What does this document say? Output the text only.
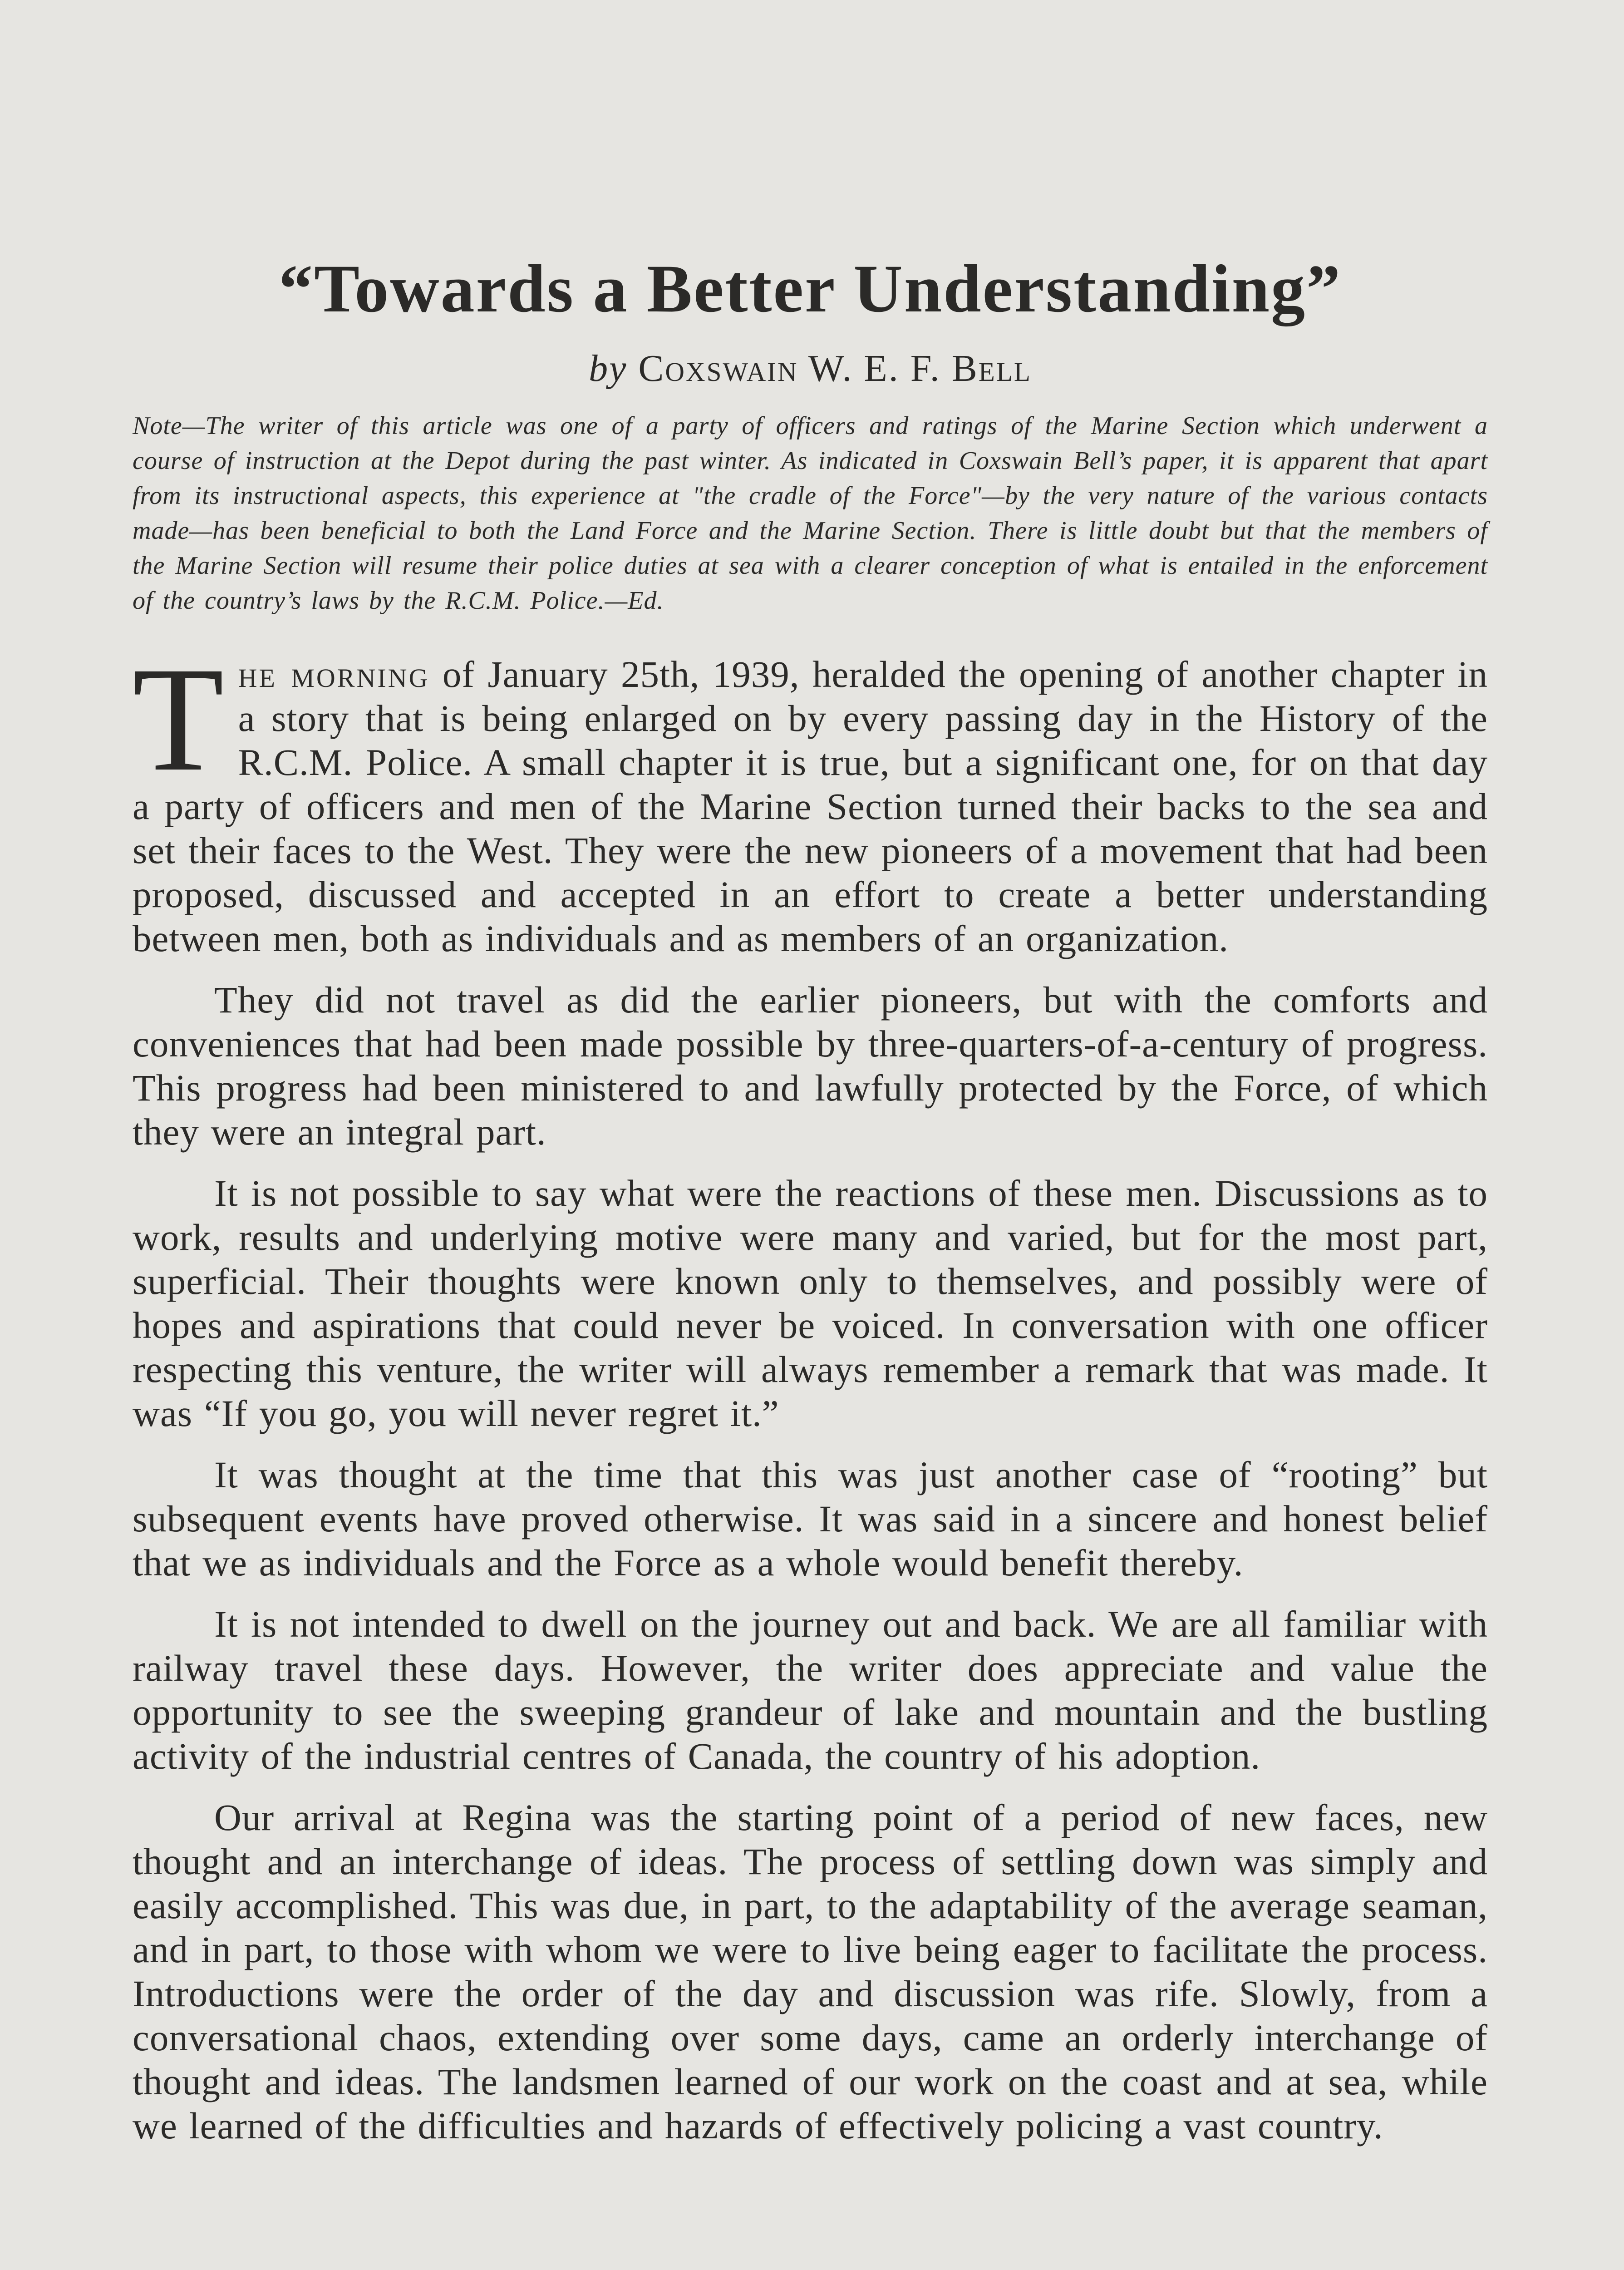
“Towards a Better Understanding”
by Coxswain W. E. F. Bell
Note—The writer of this article was one of a party of officers and ratings of the Marine Section which underwent a course of instruction at the Depot during the past winter. As indicated in Coxswain Bell’s paper, it is apparent that apart from its instructional aspects, this experience at "the cradle of the Force"—by the very nature of the various contacts made—has been beneficial to both the Land Force and the Marine Section. There is little doubt but that the members of the Marine Section will resume their police duties at sea with a clearer conception of what is entailed in the enforcement of the country’s laws by the R.C.M. Police.—Ed.

The morning of January 25th, 1939, heralded the opening of another chapter in a story that is being enlarged on by every passing day in the History of the R.C.M. Police. A small chapter it is true, but a significant one, for on that day a party of officers and men of the Marine Section turned their backs to the sea and set their faces to the West. They were the new pioneers of a movement that had been proposed, discussed and accepted in an effort to create a better understanding between men, both as individuals and as members of an organization.

They did not travel as did the earlier pioneers, but with the comforts and conveniences that had been made possible by three-quarters-of-a-century of progress. This progress had been ministered to and lawfully protected by the Force, of which they were an integral part.

It is not possible to say what were the reactions of these men. Discussions as to work, results and underlying motive were many and varied, but for the most part, superficial. Their thoughts were known only to themselves, and possibly were of hopes and aspirations that could never be voiced. In conversation with one officer respecting this venture, the writer will always remember a remark that was made. It was “If you go, you will never regret it.”

It was thought at the time that this was just another case of “rooting” but subsequent events have proved otherwise. It was said in a sincere and honest belief that we as individuals and the Force as a whole would benefit thereby.

It is not intended to dwell on the journey out and back. We are all familiar with railway travel these days. However, the writer does appreciate and value the opportunity to see the sweeping grandeur of lake and mountain and the bustling activity of the industrial centres of Canada, the country of his adoption.

Our arrival at Regina was the starting point of a period of new faces, new thought and an interchange of ideas. The process of settling down was simply and easily accomplished. This was due, in part, to the adaptability of the average seaman, and in part, to those with whom we were to live being eager to facilitate the process. Introductions were the order of the day and discussion was rife. Slowly, from a conversational chaos, extending over some days, came an orderly interchange of thought and ideas. The landsmen learned of our work on the coast and at sea, while we learned of the difficulties and hazards of effectively policing a vast country.
